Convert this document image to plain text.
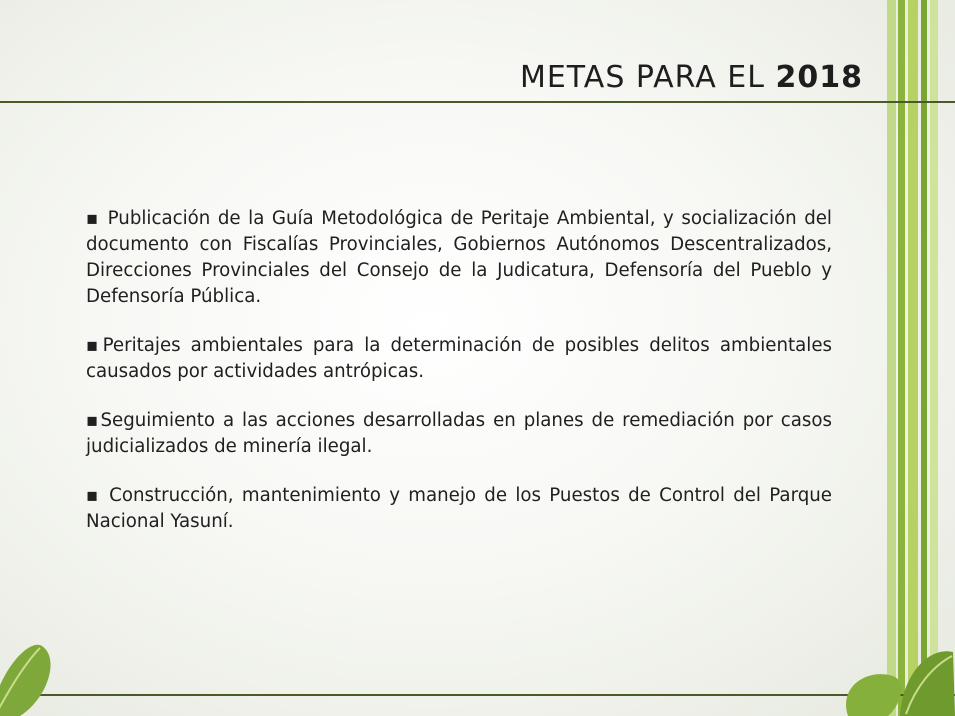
METAS PARA EL 2018

▪ Publicación de la Guía Metodológica de Peritaje Ambiental, y socialización del documento con Fiscalías Provinciales, Gobiernos Autónomos Descentralizados, Direcciones Provinciales del Consejo de la Judicatura, Defensoría del Pueblo y Defensoría Pública.

▪Peritajes ambientales para la determinación de posibles delitos ambientales causados por actividades antrópicas.

▪Seguimiento a las acciones desarrolladas en planes de remediación por casos judicializados de minería ilegal.

▪ Construcción, mantenimiento y manejo de los Puestos de Control del Parque Nacional Yasuní.
